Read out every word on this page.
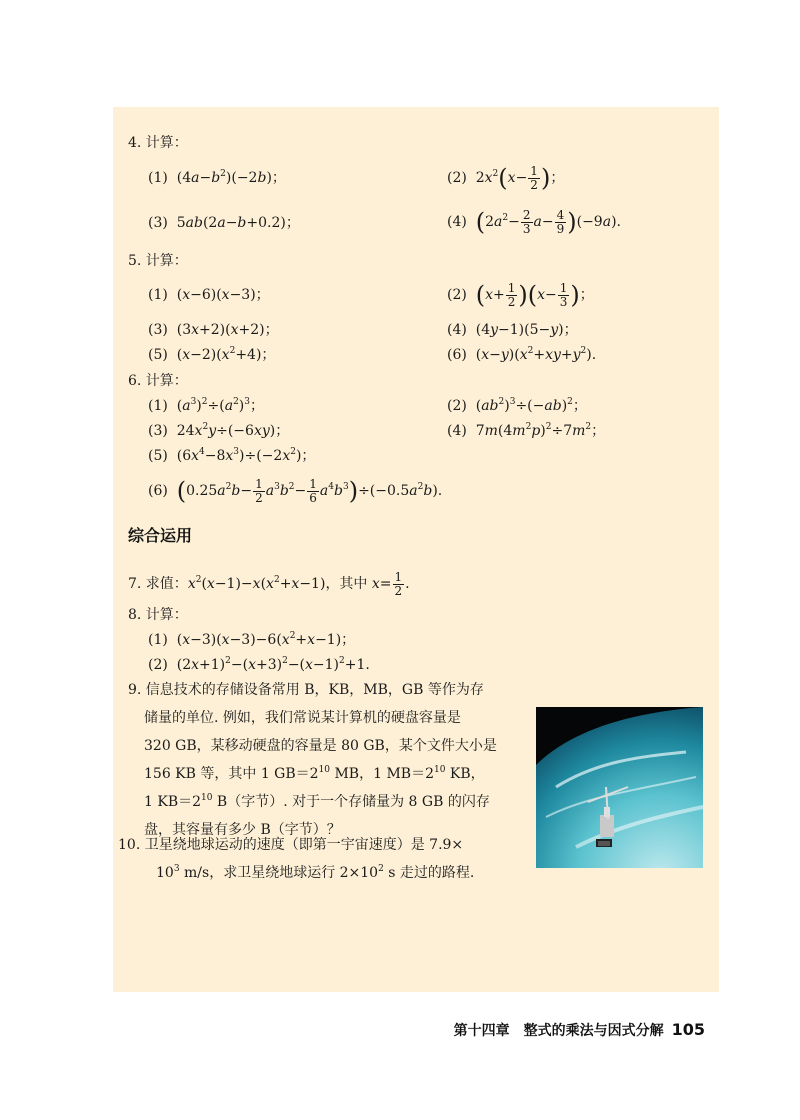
4. 计算：
(1)  $(4a-b^2)(-2b)$；	(2)  $2x^2(x- \frac{1}{2}$ )；
(3)  5ab(2a−b+0.2)；	(4)  $(2a^2- \frac{2}{3} a- \frac{4}{9} )(-9a)$.
5. 计算：
(1)  (x−6)(x−3)；	(2)  $(x+ \frac{1}{2} )(x- \frac{1}{3}$ )；
(3)  (3x+2)(x+2)；	(4)  (4y−1)(5−y)；
(5)  $(x-2)(x^2+4)$；	(6)  $(x-y)(x^2+xy+y^2)$.
6. 计算：
(1)  $(a^3)^2\div(a^2)^3$；	(2)  $(ab^2)^3\div(-ab)^2$；
(3)  $24x^2y\div(-6xy)$；	(4)  $7m(4m^2p)^2\div 7m^2$；
(5)  $(6x^4-8x^3)\div(-2x^2)$；
(6)  $(0.25a^2b- \frac{1}{2} a^3b^2- \frac{1}{6} a^4b^3)\div(-0.5a^2b)$.
综合运用
7. 求值：$x^2(x-1)-x(x^2+x-1)$，其中 $x= \frac{1}{2}$ .
8. 计算：
(1)  $(x-3)(x-3)-6(x^2+x-1)$；
(2)  $(2x+1)^2-(x+3)^2-(x-1)^2+1$.
9. 信息技术的存储设备常用 B，KB，MB，GB 等作为存
储量的单位. 例如，我们常说某计算机的硬盘容量是
320 GB，某移动硬盘的容量是 80 GB，某个文件大小是
156 KB 等，其中 1 $GB=2^{10}$ MB，1 $MB=2^{10}$ KB，
1 $KB=2^{10}$ B（字节）. 对于一个存储量为 8 GB 的闪存
盘，其容量有多少 B（字节）？
10. 卫星绕地球运动的速度（即第一宇宙速度）是 7.9×
$10^3$ m/s，求卫星绕地球运行 $2\times 10^2$ s 走过的路程.
第十四章　整式的乘法与因式分解 105
